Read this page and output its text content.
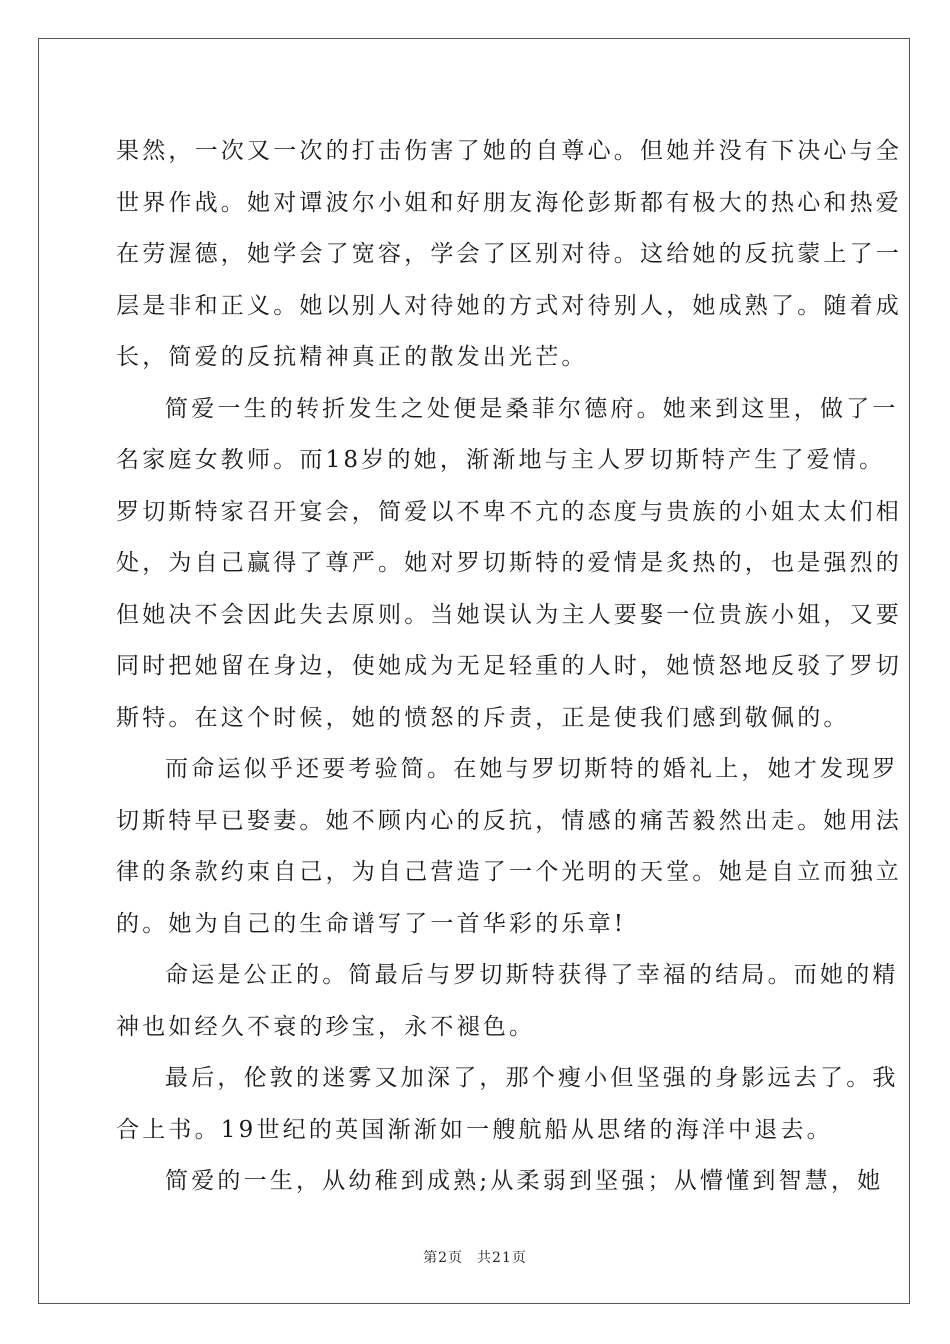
果然，一次又一次的打击伤害了她的自尊心。但她并没有下决心与全
世界作战。她对谭波尔小姐和好朋友海伦彭斯都有极大的热心和热爱
在劳渥德，她学会了宽容，学会了区别对待。这给她的反抗蒙上了一
层是非和正义。她以别人对待她的方式对待别人，她成熟了。随着成
长，简爱的反抗精神真正的散发出光芒。

简爱一生的转折发生之处便是桑菲尔德府。她来到这里，做了一
名家庭女教师。而18岁的她，渐渐地与主人罗切斯特产生了爱情。
罗切斯特家召开宴会，简爱以不卑不亢的态度与贵族的小姐太太们相
处，为自己赢得了尊严。她对罗切斯特的爱情是炙热的，也是强烈的
但她决不会因此失去原则。当她误认为主人要娶一位贵族小姐，又要
同时把她留在身边，使她成为无足轻重的人时，她愤怒地反驳了罗切
斯特。在这个时候，她的愤怒的斥责，正是使我们感到敬佩的。

而命运似乎还要考验简。在她与罗切斯特的婚礼上，她才发现罗
切斯特早已娶妻。她不顾内心的反抗，情感的痛苦毅然出走。她用法
律的条款约束自己，为自己营造了一个光明的天堂。她是自立而独立
的。她为自己的生命谱写了一首华彩的乐章!

命运是公正的。简最后与罗切斯特获得了幸福的结局。而她的精
神也如经久不衰的珍宝，永不褪色。

最后，伦敦的迷雾又加深了，那个瘦小但坚强的身影远去了。我
合上书。19世纪的英国渐渐如一艘航船从思绪的海洋中退去。

简爱的一生，从幼稚到成熟;从柔弱到坚强；从懵懂到智慧，她

第2页 共21页
